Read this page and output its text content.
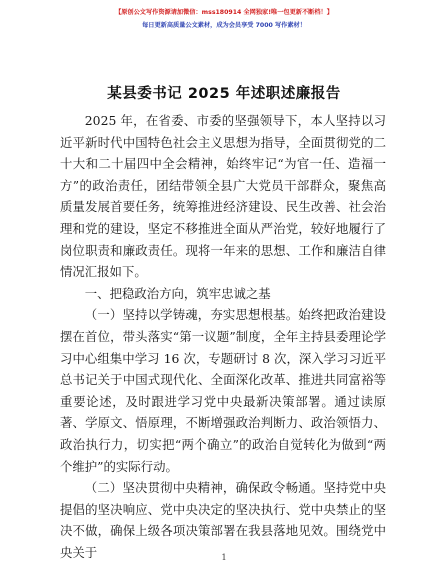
【原创公文写作资源请加微信：mss180914 全网独家!唯一包更新不断档！】
每日更新高质量公文素材，成为会员享受 7000 写作素材！
某县委书记 2025 年述职述廉报告

2025 年，在省委、市委的坚强领导下，本人坚持以习近平新时代中国特色社会主义思想为指导，全面贯彻党的二十大和二十届四中全会精神，始终牢记“为官一任、造福一方”的政治责任，团结带领全县广大党员干部群众，聚焦高质量发展首要任务，统筹推进经济建设、民生改善、社会治理和党的建设，坚定不移推进全面从严治党，较好地履行了岗位职责和廉政责任。现将一年来的思想、工作和廉洁自律情况汇报如下。

一、把稳政治方向，筑牢忠诚之基

（一）坚持以学铸魂，夯实思想根基。始终把政治建设摆在首位，带头落实“第一议题”制度，全年主持县委理论学习中心组集中学习 16 次，专题研讨 8 次，深入学习习近平总书记关于中国式现代化、全面深化改革、推进共同富裕等重要论述，及时跟进学习党中央最新决策部署。通过读原著、学原文、悟原理，不断增强政治判断力、政治领悟力、政治执行力，切实把“两个确立”的政治自觉转化为做到“两个维护”的实际行动。

（二）坚决贯彻中央精神，确保政令畅通。坚持党中央提倡的坚决响应、党中央决定的坚决执行、党中央禁止的坚决不做，确保上级各项决策部署在我县落地见效。围绕党中央关于	1
